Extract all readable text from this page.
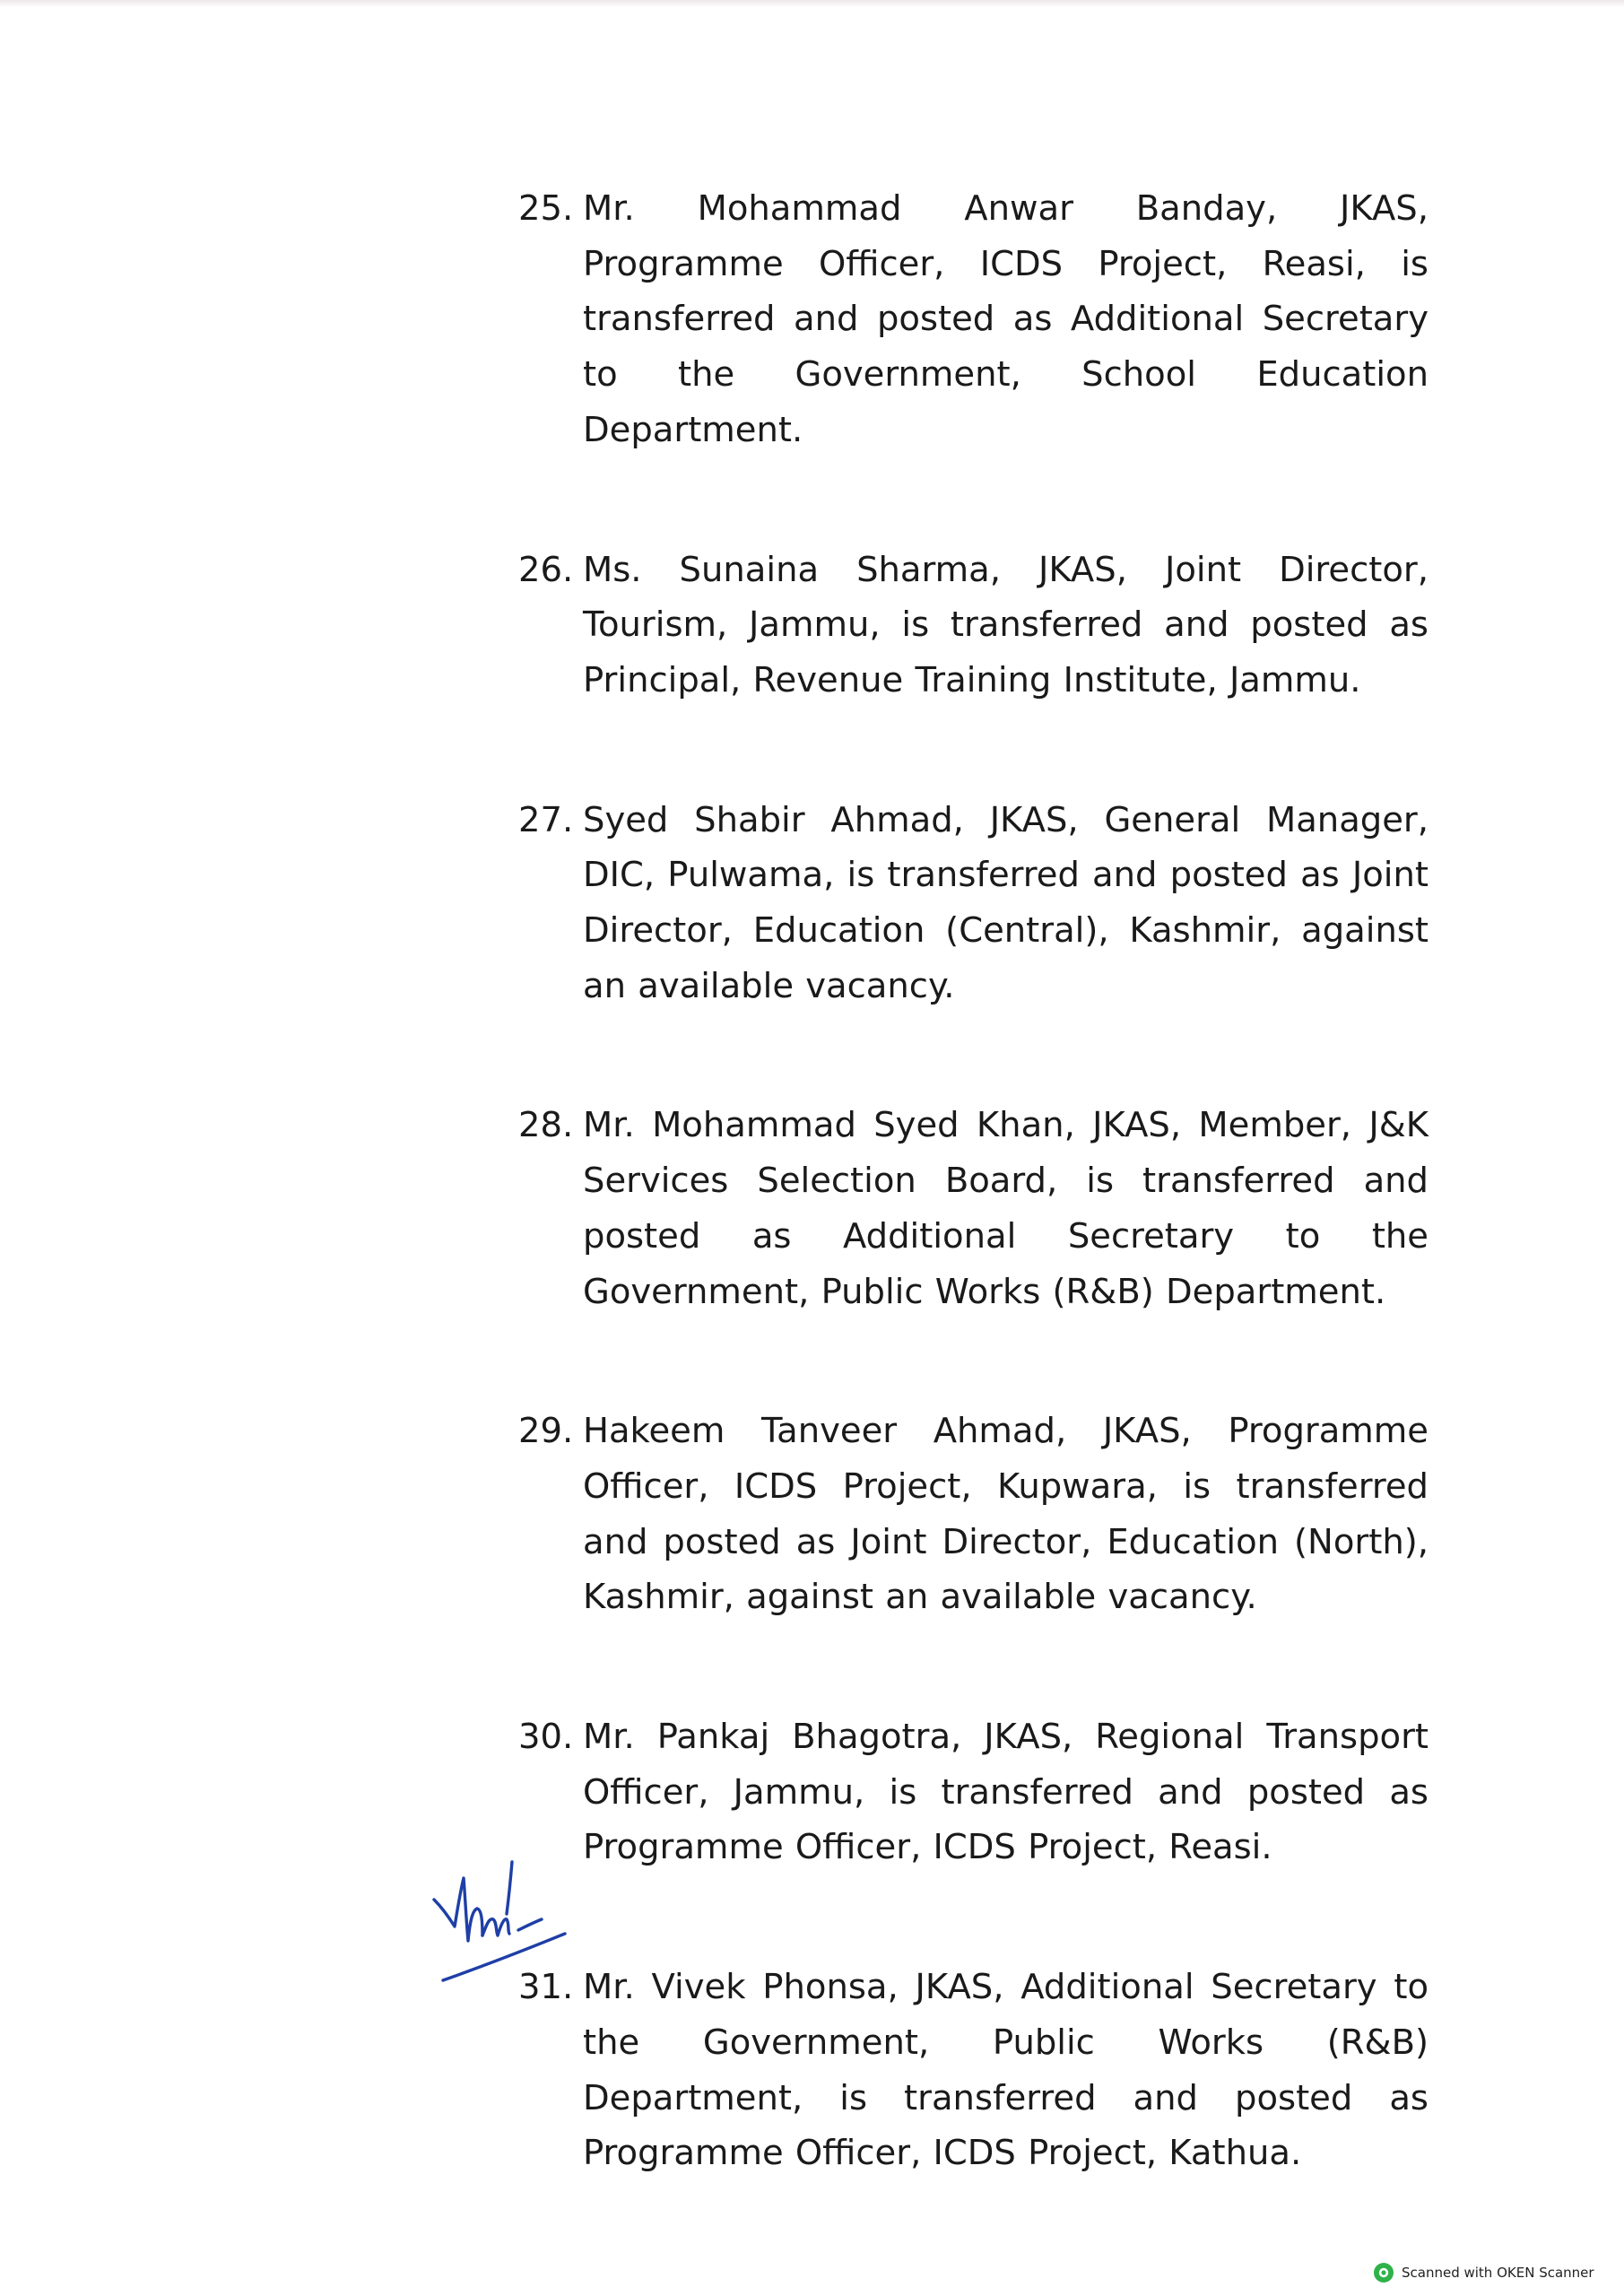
25. Mr. Mohammad Anwar Banday, JKAS, Programme Officer, ICDS Project, Reasi, is transferred and posted as Additional Secretary to the Government, School Education Department.
26. Ms. Sunaina Sharma, JKAS, Joint Director, Tourism, Jammu, is transferred and posted as Principal, Revenue Training Institute, Jammu.
27. Syed Shabir Ahmad, JKAS, General Manager, DIC, Pulwama, is transferred and posted as Joint Director, Education (Central), Kashmir, against an available vacancy.
28. Mr. Mohammad Syed Khan, JKAS, Member, J&K Services Selection Board, is transferred and posted as Additional Secretary to the Government, Public Works (R&B) Department.
29. Hakeem Tanveer Ahmad, JKAS, Programme Officer, ICDS Project, Kupwara, is transferred and posted as Joint Director, Education (North), Kashmir, against an available vacancy.
30. Mr. Pankaj Bhagotra, JKAS, Regional Transport Officer, Jammu, is transferred and posted as Programme Officer, ICDS Project, Reasi.
31. Mr. Vivek Phonsa, JKAS, Additional Secretary to the Government, Public Works (R&B) Department, is transferred and posted as Programme Officer, ICDS Project, Kathua.
Scanned with OKEN Scanner
